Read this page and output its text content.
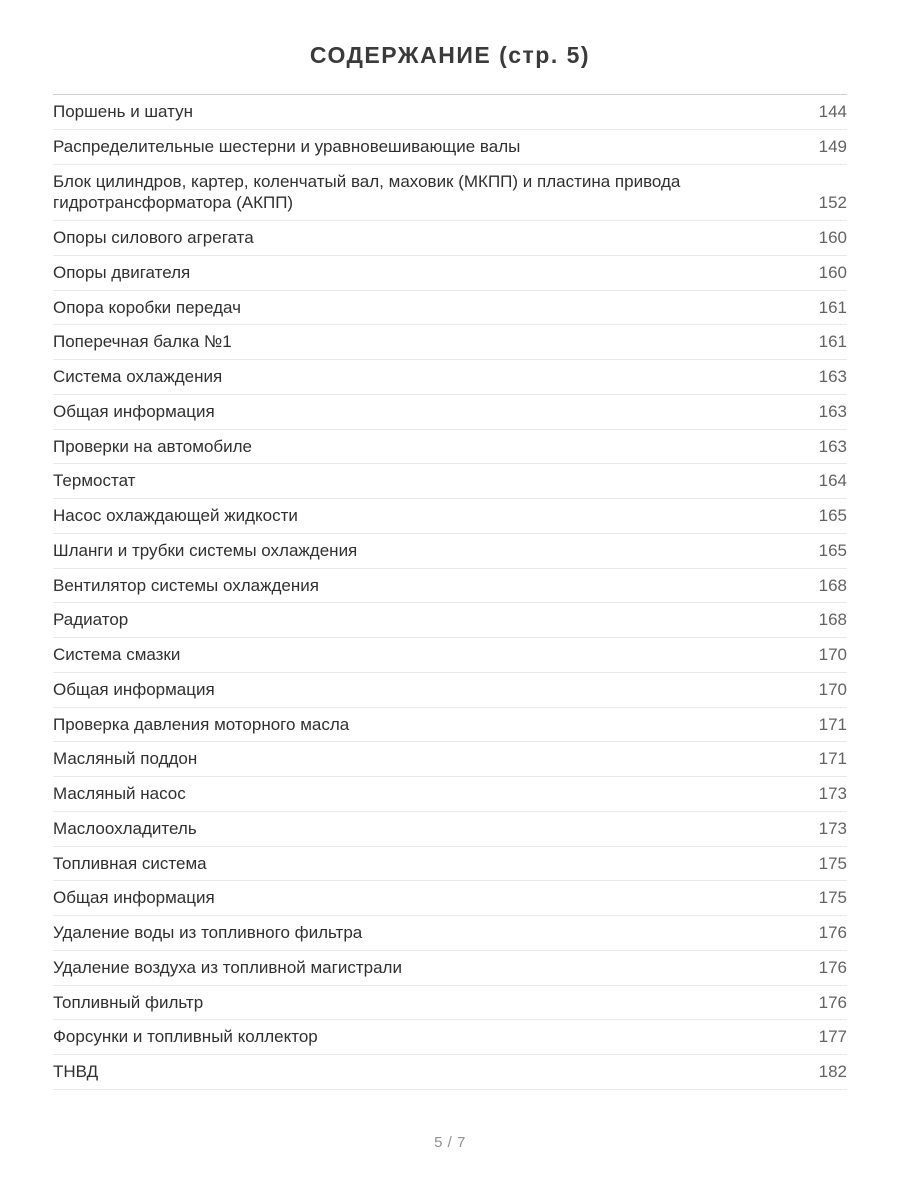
СОДЕРЖАНИЕ (стр. 5)
Поршень и шатун	144
Распределительные шестерни и уравновешивающие валы	149
Блок цилиндров, картер, коленчатый вал, маховик (МКПП) и пластина привода гидротрансформатора (АКПП)	152
Опоры силового агрегата	160
Опоры двигателя	160
Опора коробки передач	161
Поперечная балка №1	161
Система охлаждения	163
Общая информация	163
Проверки на автомобиле	163
Термостат	164
Насос охлаждающей жидкости	165
Шланги и трубки системы охлаждения	165
Вентилятор системы охлаждения	168
Радиатор	168
Система смазки	170
Общая информация	170
Проверка давления моторного масла	171
Масляный поддон	171
Масляный насос	173
Маслоохладитель	173
Топливная система	175
Общая информация	175
Удаление воды из топливного фильтра	176
Удаление воздуха из топливной магистрали	176
Топливный фильтр	176
Форсунки и топливный коллектор	177
ТНВД	182
5 / 7
